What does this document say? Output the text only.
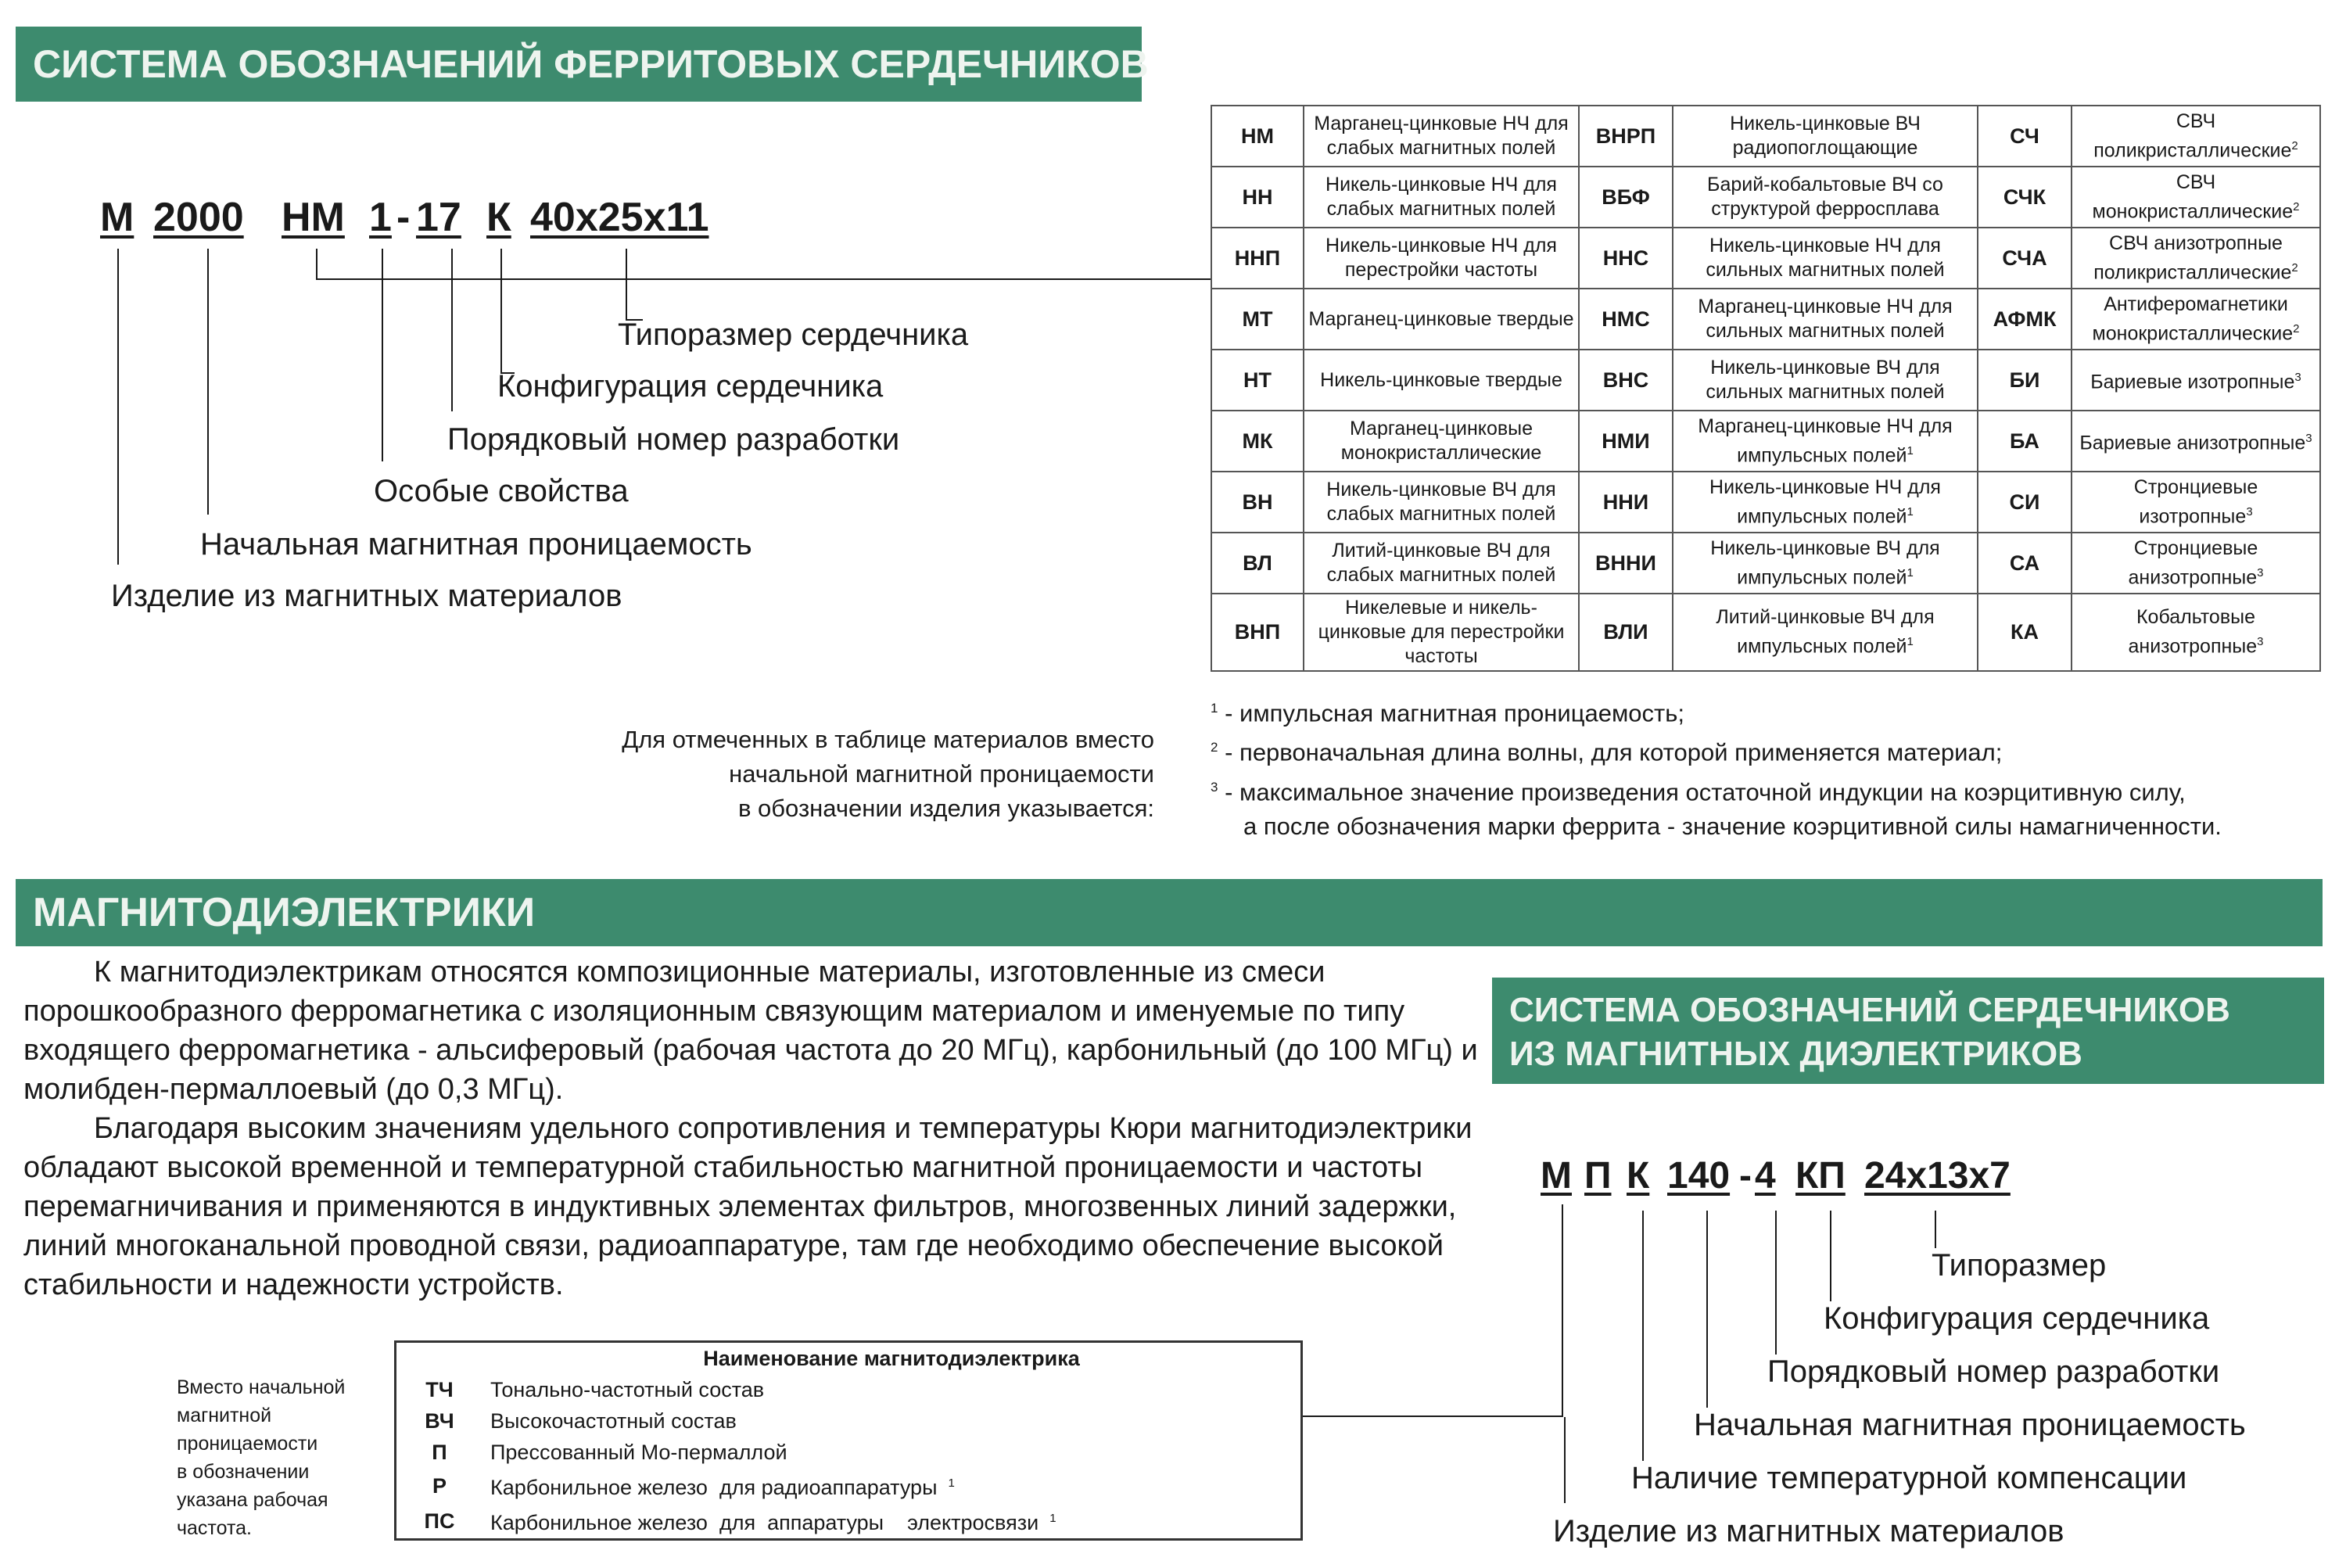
СИСТЕМА ОБОЗНАЧЕНИЙ ФЕРРИТОВЫХ СЕРДЕЧНИКОВ
М 2000 НМ 1 - 17 К 40х25х11
Типоразмер сердечника
Конфигурация сердечника
Порядковый номер разработки
Особые свойства
Начальная магнитная проницаемость
Изделие из магнитных материалов
НМ	Марганец-цинковые НЧ для слабых магнитных полей	ВНРП	Никель-цинковые ВЧ радиопоглощающие	СЧ	СВЧ поликристаллические$^2$
НН	Никель-цинковые НЧ для слабых магнитных полей	ВБФ	Барий-кобальтовые ВЧ со структурой ферросплава	СЧК	СВЧ монокристаллические$^2$
ННП	Никель-цинковые НЧ для перестройки частоты	ННС	Никель-цинковые НЧ для сильных магнитных полей	СЧА	СВЧ анизотропные поликристаллические$^2$
МТ	Марганец-цинковые твердые	НМС	Марганец-цинковые НЧ для сильных магнитных полей	АФМК	Антиферомагнетики монокристаллические$^2$
НТ	Никель-цинковые твердые	ВНС	Никель-цинковые ВЧ для сильных магнитных полей	БИ	Бариевые изотропные$^3$
МК	Марганец-цинковые монокристаллические	НМИ	Марганец-цинковые НЧ для импульсных полей$^1$	БА	Бариевые анизотропные$^3$
ВН	Никель-цинковые ВЧ для слабых магнитных полей	ННИ	Никель-цинковые НЧ для импульсных полей$^1$	СИ	Стронциевые изотропные$^3$
ВЛ	Литий-цинковые ВЧ для слабых магнитных полей	ВННИ	Никель-цинковые ВЧ для импульсных полей$^1$	СА	Стронциевые анизотропные$^3$
ВНП	Никелевые и никель-цинковые для перестройки частоты	ВЛИ	Литий-цинковые ВЧ для импульсных полей$^1$	КА	Кобальтовые анизотропные$^3$
Для отмеченных в таблице материалов вместо
начальной магнитной проницаемости
в обозначении изделия указывается:
$^1$ - импульсная магнитная проницаемость;
$^2$ - первоначальная длина волны, для которой применяется материал;
$^3$ - максимальное значение произведения остаточной индукции на коэрцитивную силу,
а после обозначения марки феррита - значение коэрцитивной силы намагниченности.
МАГНИТОДИЭЛЕКТРИКИ

К магнитодиэлектрикам относятся композиционные материалы, изготовленные из смеси порошкообразного ферромагнетика с изоляционным связующим материалом и именуемые по типу входящего ферромагнетика - альсиферовый (рабочая частота до 20 МГц), карбонильный (до 100 МГц) и молибден-пермаллоевый (до 0,3 МГц).

Благодаря высоким значениям удельного сопротивления и температуры Кюри магнитодиэлектрики обладают высокой временной и температурной стабильностью магнитной проницаемости и частоты перемагничивания и применяются в индуктивных элементах фильтров, многозвенных линий задержки, линий многоканальной проводной связи, радиоаппаратуре, там где необходимо обеспечение высокой стабильности и надежности устройств.

СИСТЕМА ОБОЗНАЧЕНИЙ СЕРДЕЧНИКОВ
ИЗ МАГНИТНЫХ ДИЭЛЕКТРИКОВ
Вместо начальной
магнитной
проницаемости
в обозначении
указана рабочая
частота.
	Наименование магнитодиэлектрика
ТЧ	Тонально-частотный состав
ВЧ	Высокочастотный состав
П	Прессованный Мо-пермаллой
Р	Карбонильное железо  для радиоаппаратуры $^1$
ПС	Карбонильное железо  для  аппаратуры    электросвязи $^1$
М П К 140 - 4 КП 24х13х7
Типоразмер
Конфигурация сердечника
Порядковый номер разработки
Начальная магнитная проницаемость
Наличие температурной компенсации
Изделие из магнитных материалов
